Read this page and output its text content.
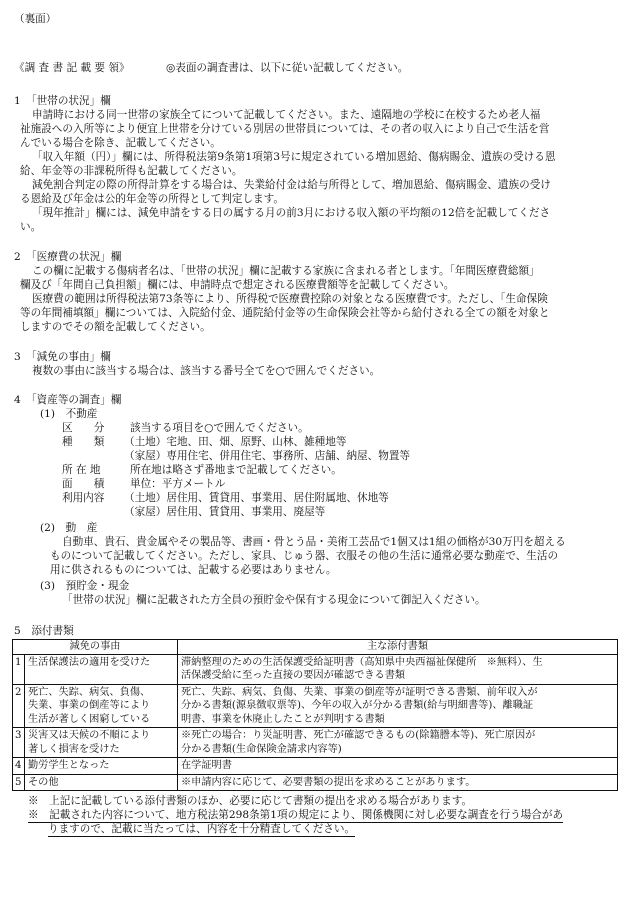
（裏面）
《調 査 書 記 載 要 領》	◎表面の調査書は、以下に従い記載してください。
1　「世帯の状況」欄
申請時における同一世帯の家族全てについて記載してください。また、遠隔地の学校に在校するため老人福
祉施設への入所等により便宜上世帯を分けている別居の世帯員については、その者の収入により自己で生活を営
んでいる場合を除き、記載してください。
「収入年額（円）」欄には、所得税法第9条第1項第3号に規定されている増加恩給、傷病賜金、遺族の受ける恩
給、年金等の非課税所得も記載してください。
減免割合判定の際の所得計算をする場合は、失業給付金は給与所得として、増加恩給、傷病賜金、遺族の受け
る恩給及び年金は公的年金等の所得として判定します。
「現年推計」欄には、減免申請をする日の属する月の前3月における収入額の平均額の12倍を記載してくださ
い。
2　「医療費の状況」欄
この欄に記載する傷病者名は、「世帯の状況」欄に記載する家族に含まれる者とします。「年間医療費総額」
欄及び「年間自己負担額」欄には、申請時点で想定される医療費額等を記載してください。
医療費の範囲は所得税法第73条等により、所得税で医療費控除の対象となる医療費です。ただし、「生命保険
等の年間補填額」欄については、入院給付金、通院給付金等の生命保険会社等から給付される全ての額を対象と
しますのでその額を記載してください。
3　「減免の事由」欄
複数の事由に該当する場合は、該当する番号全てを○で囲んでください。
4　「資産等の調査」欄
(1)　不動産
区　　分 該当する項目を○で囲んでください。
種　　類 （土地）宅地、田、畑、原野、山林、雑種地等
（家屋）専用住宅、併用住宅、事務所、店舗、納屋、物置等
所 在 地	所在地は略さず番地まで記載してください。
面　　積 単位：平方メートル
利用内容 （土地）居住用、賃貸用、事業用、居住附属地、休地等
（家屋）居住用、賃貸用、事業用、廃屋等
(2)　動　産
自動車、貴石、貴金属やその製品等、書画・骨とう品・美術工芸品で1個又は1組の価格が30万円を超える
ものについて記載してください。ただし、家具、じゅう器、衣服その他の生活に通常必要な動産で、生活の
用に供されるものについては、記載する必要はありません。
(3)　預貯金・現金
「世帯の状況」欄に記載された方全員の預貯金や保有する現金について御記入ください。
5　添付書類
減免の事由		主な添付書類
1	生活保護法の適用を受けた	滞納整理のための生活保護受給証明書（高知県中央西福祉保健所　※無料）、生
活保護受給に至った直接の要因が確認できる書類

2	死亡、失踪、病気、負傷、
失業、事業の倒産等により
生活が著しく困窮している	死亡、失踪、病気、負傷、失業、事業の倒産等が証明できる書類、前年収入が
分かる書類(源泉徴収票等)、今年の収入が分かる書類(給与明細書等)、離職証
明書、事業を休廃止したことが判明する書類

3	災害又は天候の不順により
著しく損害を受けた	※死亡の場合：り災証明書、死亡が確認できるもの(除籍謄本等)、死亡原因が
分かる書類(生命保険金請求内容等)

4	勤労学生となった	在学証明書

5	その他	※申請内容に応じて、必要書類の提出を求めることがあります。
※　上記に記載している添付書類のほか、必要に応じて書類の提出を求める場合があります。
※　記載された内容について、地方税法第298条第1項の規定により、関係機関に対し必要な調査を行う場合があ
りますので、記載に当たっては、内容を十分精査してください。
